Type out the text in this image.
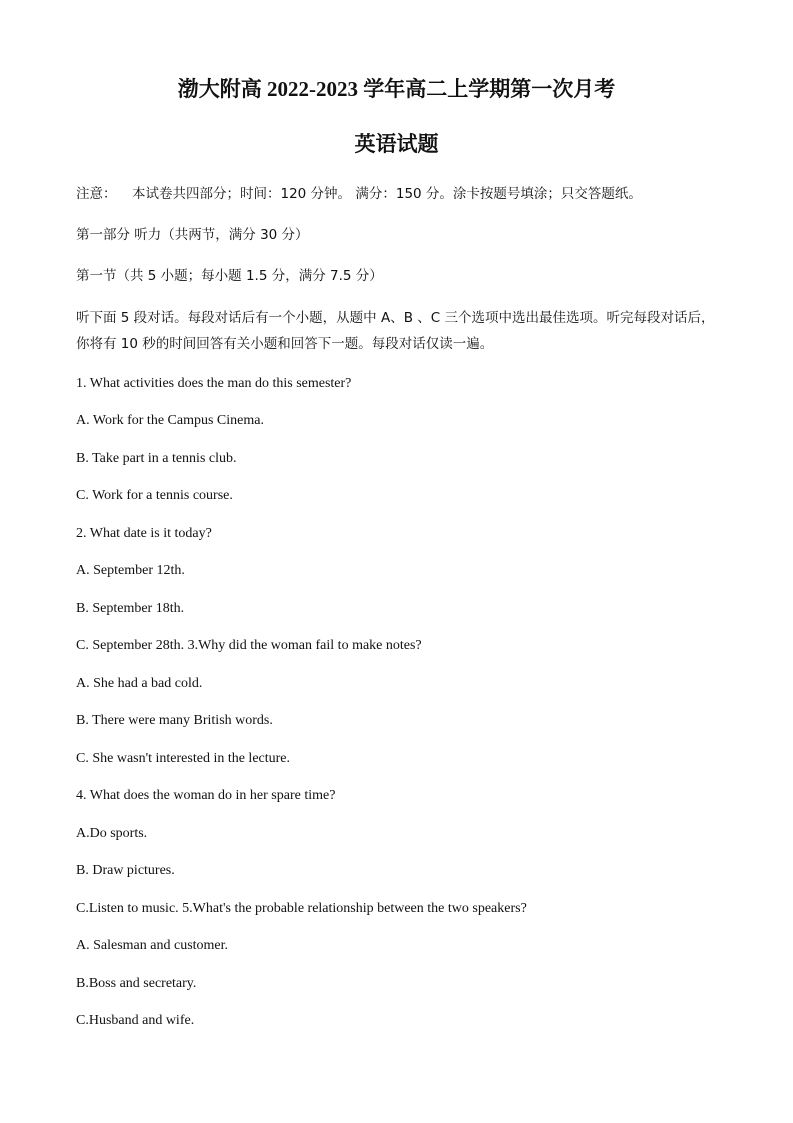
渤大附高 2022-2023 学年高二上学期第一次月考
英语试题
注意： 本试卷共四部分；时间：120 分钟。 满分：150 分。涂卡按题号填涂；只交答题纸。
第一部分 听力（共两节，满分 30 分）
第一节（共 5 小题；每小题 1.5 分，满分 7.5 分）
听下面 5 段对话。每段对话后有一个小题，从题中 A、B 、C 三个选项中选出最佳选项。听完每段对话后，
你将有 10 秒的时间回答有关小题和回答下一题。每段对话仅读一遍。
1. What activities does the man do this semester?
A. Work for the Campus Cinema.
B. Take part in a tennis club.
C. Work for a tennis course.
2. What date is it today?
A. September 12th.
B. September 18th.
C. September 28th. 3.Why did the woman fail to make notes?
A. She had a bad cold.
B. There were many British words.
C. She wasn't interested in the lecture.
4. What does the woman do in her spare time?
A.Do sports.
B. Draw pictures.
C.Listen to music. 5.What's the probable relationship between the two speakers?
A. Salesman and customer.
B.Boss and secretary.
C.Husband and wife.
